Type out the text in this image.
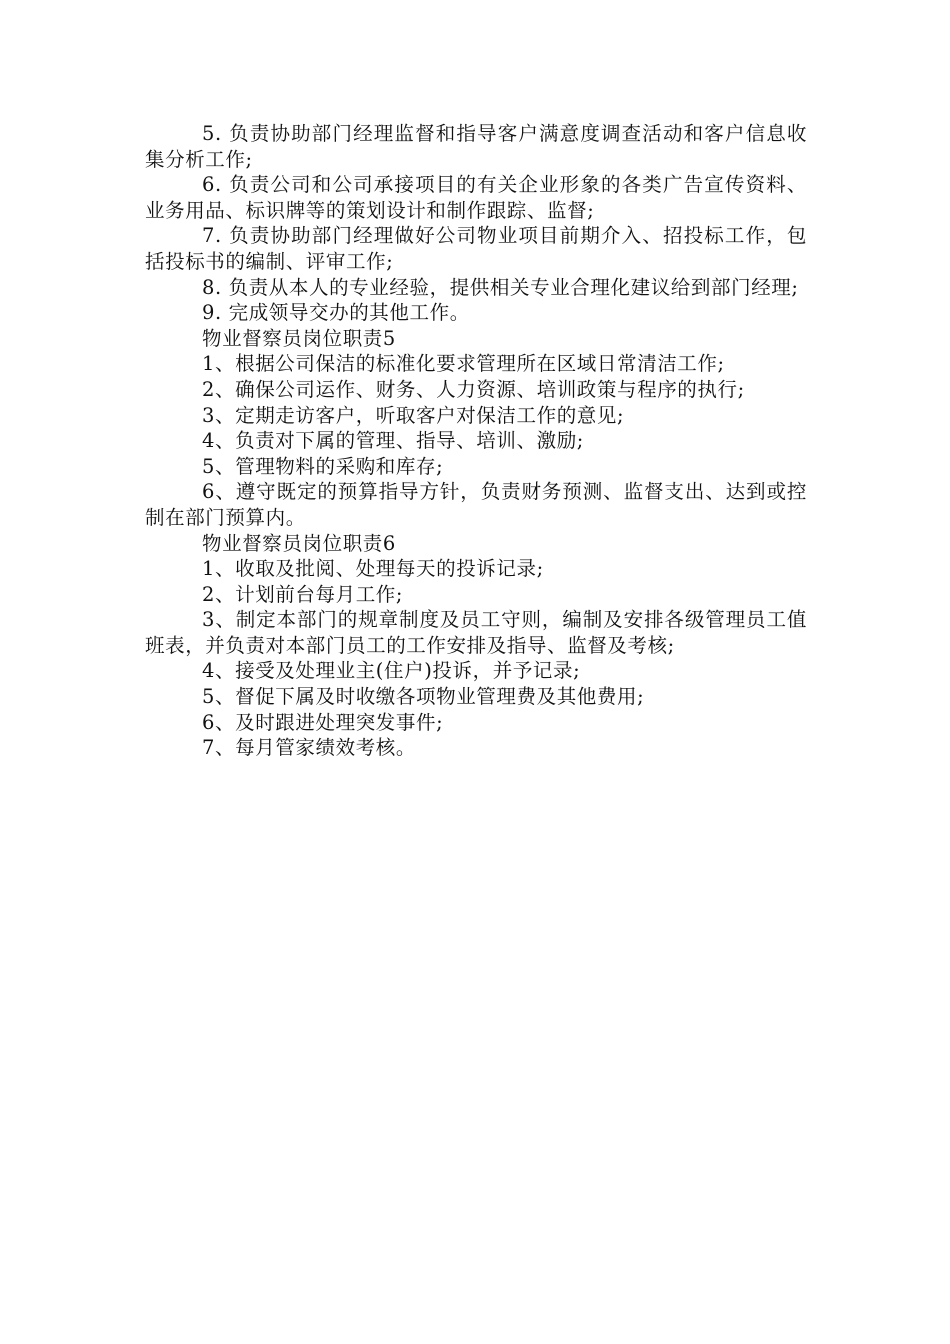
5. 负责协助部门经理监督和指导客户满意度调查活动和客户信息收集分析工作;

6. 负责公司和公司承接项目的有关企业形象的各类广告宣传资料、业务用品、标识牌等的策划设计和制作跟踪、监督;

7. 负责协助部门经理做好公司物业项目前期介入、招投标工作，包括投标书的编制、评审工作;

8. 负责从本人的专业经验，提供相关专业合理化建议给到部门经理;

9. 完成领导交办的其他工作。

物业督察员岗位职责5

1、根据公司保洁的标准化要求管理所在区域日常清洁工作;

2、确保公司运作、财务、人力资源、培训政策与程序的执行;

3、定期走访客户，听取客户对保洁工作的意见;

4、负责对下属的管理、指导、培训、激励;

5、管理物料的采购和库存;

6、遵守既定的预算指导方针，负责财务预测、监督支出、达到或控制在部门预算内。

物业督察员岗位职责6

1、收取及批阅、处理每天的投诉记录;

2、计划前台每月工作;

3、制定本部门的规章制度及员工守则，编制及安排各级管理员工值班表，并负责对本部门员工的工作安排及指导、监督及考核;

4、接受及处理业主(住户)投诉，并予记录;

5、督促下属及时收缴各项物业管理费及其他费用;

6、及时跟进处理突发事件;

7、每月管家绩效考核。
